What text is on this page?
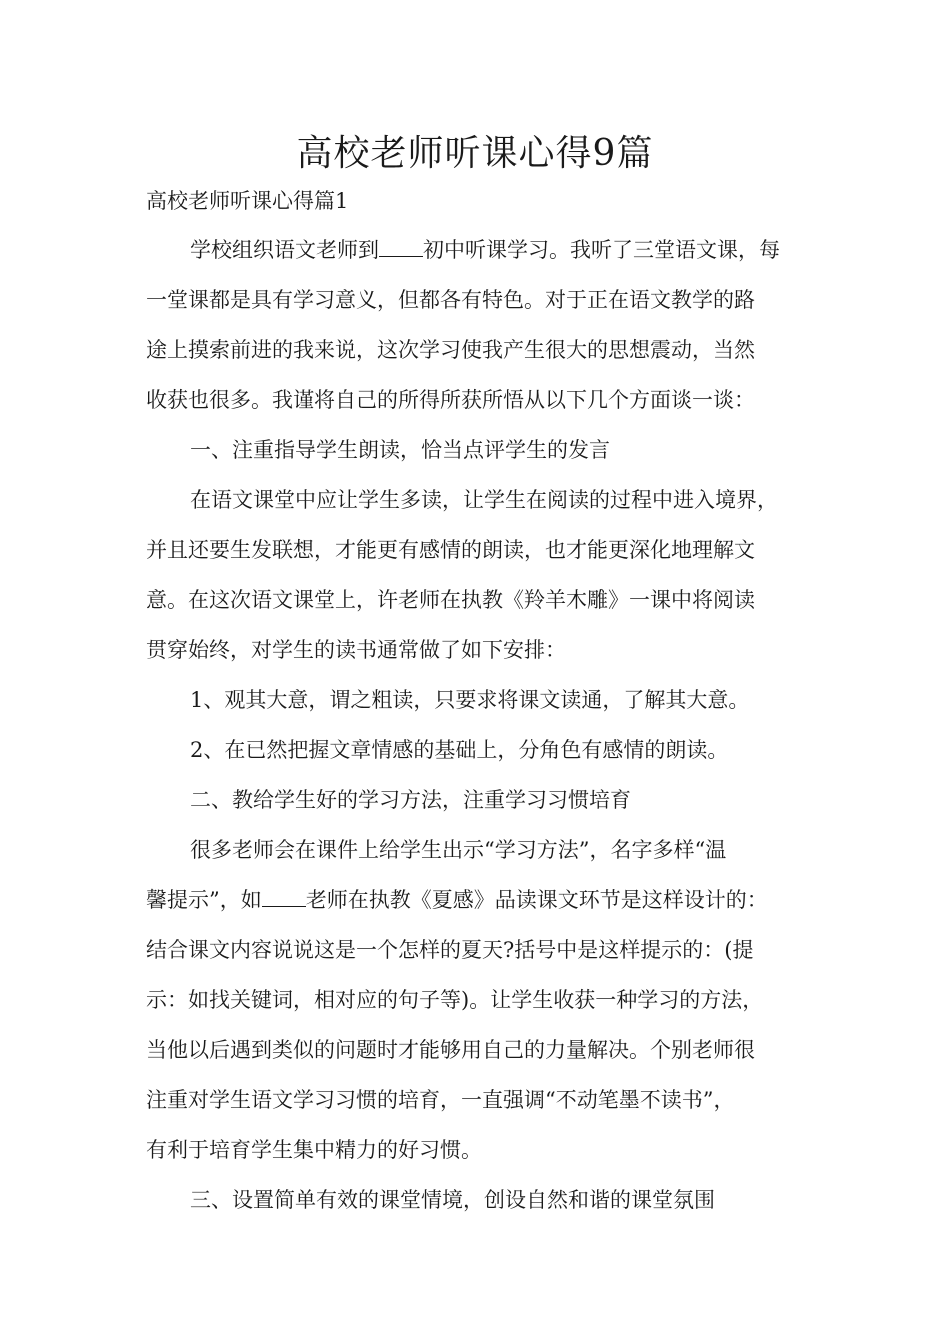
高校老师听课心得9篇

高校老师听课心得篇1

学校组织语文老师到 初中听课学习。我听了三堂语文课，每

一堂课都是具有学习意义，但都各有特色。对于正在语文教学的路

途上摸索前进的我来说，这次学习使我产生很大的思想震动，当然

收获也很多。我谨将自己的所得所获所悟从以下几个方面谈一谈：

一、注重指导学生朗读，恰当点评学生的发言

在语文课堂中应让学生多读，让学生在阅读的过程中进入境界，

并且还要生发联想，才能更有感情的朗读，也才能更深化地理解文

意。在这次语文课堂上，许老师在执教《羚羊木雕》一课中将阅读

贯穿始终，对学生的读书通常做了如下安排：

1、观其大意，谓之粗读，只要求将课文读通，了解其大意。

2、在已然把握文章情感的基础上，分角色有感情的朗读。

二、教给学生好的学习方法，注重学习习惯培育

很多老师会在课件上给学生出示“学习方法”，名字多样“温

馨提示”，如 老师在执教《夏感》品读课文环节是这样设计的：

结合课文内容说说这是一个怎样的夏天?括号中是这样提示的：(提

示：如找关键词，相对应的句子等)。让学生收获一种学习的方法，

当他以后遇到类似的问题时才能够用自己的力量解决。个别老师很

注重对学生语文学习习惯的培育，一直强调“不动笔墨不读书”，

有利于培育学生集中精力的好习惯。

三、设置简单有效的课堂情境，创设自然和谐的课堂氛围
